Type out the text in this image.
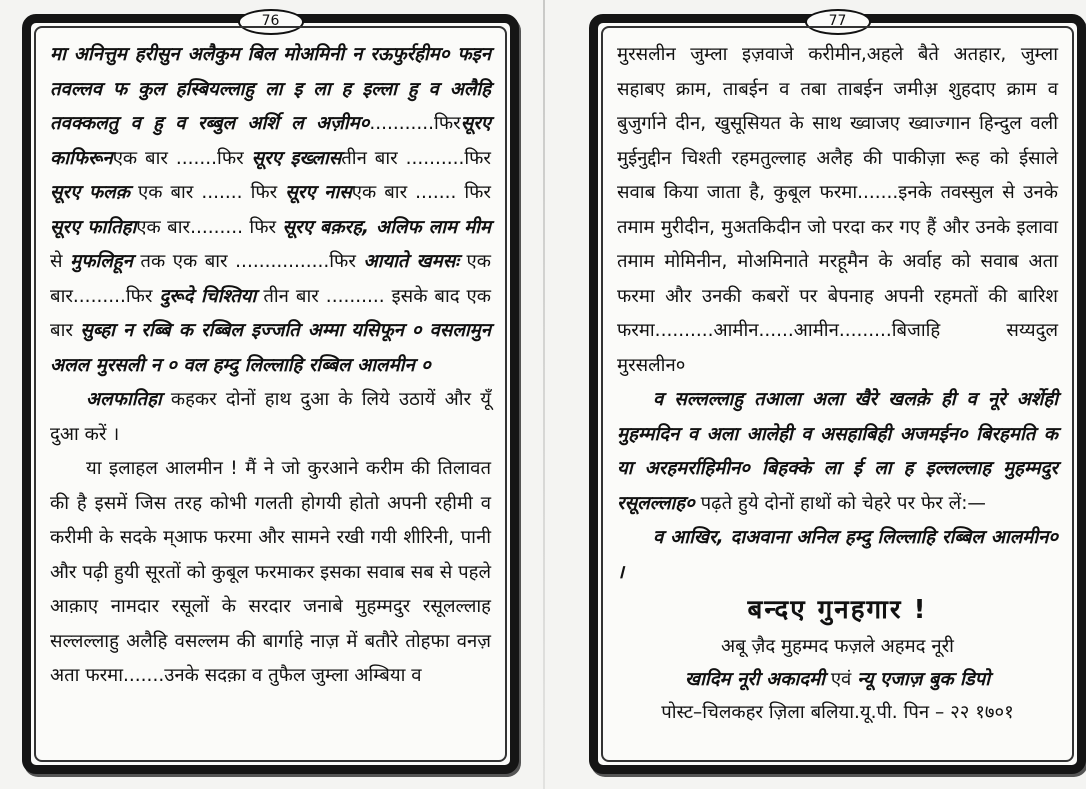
76

मा अनित्तुम हरीसुन अलैकुम बिल मोअमिनी न रऊफुर्रहीम० फइन तवल्लव फ कुल हस्बियल्लाहु ला इ ला ह इल्ला हु व अलैहि तवक्कलतु व हु व रब्बुल अर्शि ल अज़ीम०...........फिरसूरए काफिरूनएक बार .......फिर सूरए इख्लासतीन बार ..........फिर सूरए फलक़ एक बार ....... फिर सूरए नासएक बार ....... फिर सूरए फातिहाएक बार......... फिर सूरए बक़रह, अलिफ लाम मीम से मुफलिहून तक एक बार ................फिर आयाते खमसः एक बार.........फिर दुरूदे चिश्तिया तीन बार .......... इसके बाद एक बार सुब्हा न रब्बि क रब्बिल इज्जति अम्मा यसिफून ० वसलामुन अलल मुरसली न ० वल हम्दु लिल्लाहि रब्बिल आलमीन ०

अलफातिहा कहकर दोनों हाथ दुआ के लिये उठायें और यूँ दुआ करें ।

या इलाहल आलमीन ! मैं ने जो कुरआने करीम की तिलावत की है इसमें जिस तरह कोभी गलती होगयी होतो अपनी रहीमी व करीमी के सदके म्आफ फरमा और सामने रखी गयी शीरिनी, पानी और पढ़ी हुयी सूरतों को कुबूल फरमाकर इसका सवाब सब से पहले आक़ाए नामदार रसूलों के सरदार जनाबे मुहम्मदुर रसूलल्लाह सल्लल्लाहु अलैहि वसल्लम की बार्गाहे नाज़ में बतौरे तोहफा वनज़ अता फरमा.......उनके सदक़ा व तुफैल जुम्ला अम्बिया व

77

मुरसलीन जुम्ला इज़वाजे करीमीन,अहले बैते अतहार, जुम्ला सहाबए क्राम, ताबईन व तबा ताबईन जमीअ़ शुहदाए क्राम व बुजुर्गाने दीन, खुसूसियत के साथ ख्वाजए ख्वाज्गान हिन्दुल वली मुईनुद्दीन चिश्ती रहमतुल्लाह अलैह की पाकीज़ा रूह को ईसाले सवाब किया जाता है, कुबूल फरमा.......इनके तवस्सुल से उनके तमाम मुरीदीन, मुअतकिदीन जो परदा कर गए हैं और उनके इलावा तमाम मोमिनीन, मोअमिनाते मरहूमैन के अर्वाह को सवाब अता फरमा और उनकी कबरों पर बेपनाह अपनी रहमतों की बारिश फरमा..........आमीन......आमीन.........बिजाहि सय्यदुल मुरसलीन०

व सल्लल्लाहु तआला अला खैरे खलक़े ही व नूरे अर्शेही मुहम्मदिन व अला आलेही व असहाबिही अजमईन० बिरहमति क या अरहमर्राहिमीन० बिहक्के ला ई ला ह इल्लल्लाह मुहम्मदुर रसूलल्लाह० पढ़ते हुये दोनों हाथों को चेहरे पर फेर लें:—

व आखिर, दाअवाना अनिल हम्दु लिल्लाहि रब्बिल आलमीन० ।

बन्दए गुनहगार !
अबू ज़ैद मुहम्मद फज़ले अहमद नूरी
खादिम नूरी अकादमी एवं न्यू एजाज़ बुक डिपो
पोस्ट–चिलकहर ज़िला बलिया.यू.पी. पिन – २२ १७०१
